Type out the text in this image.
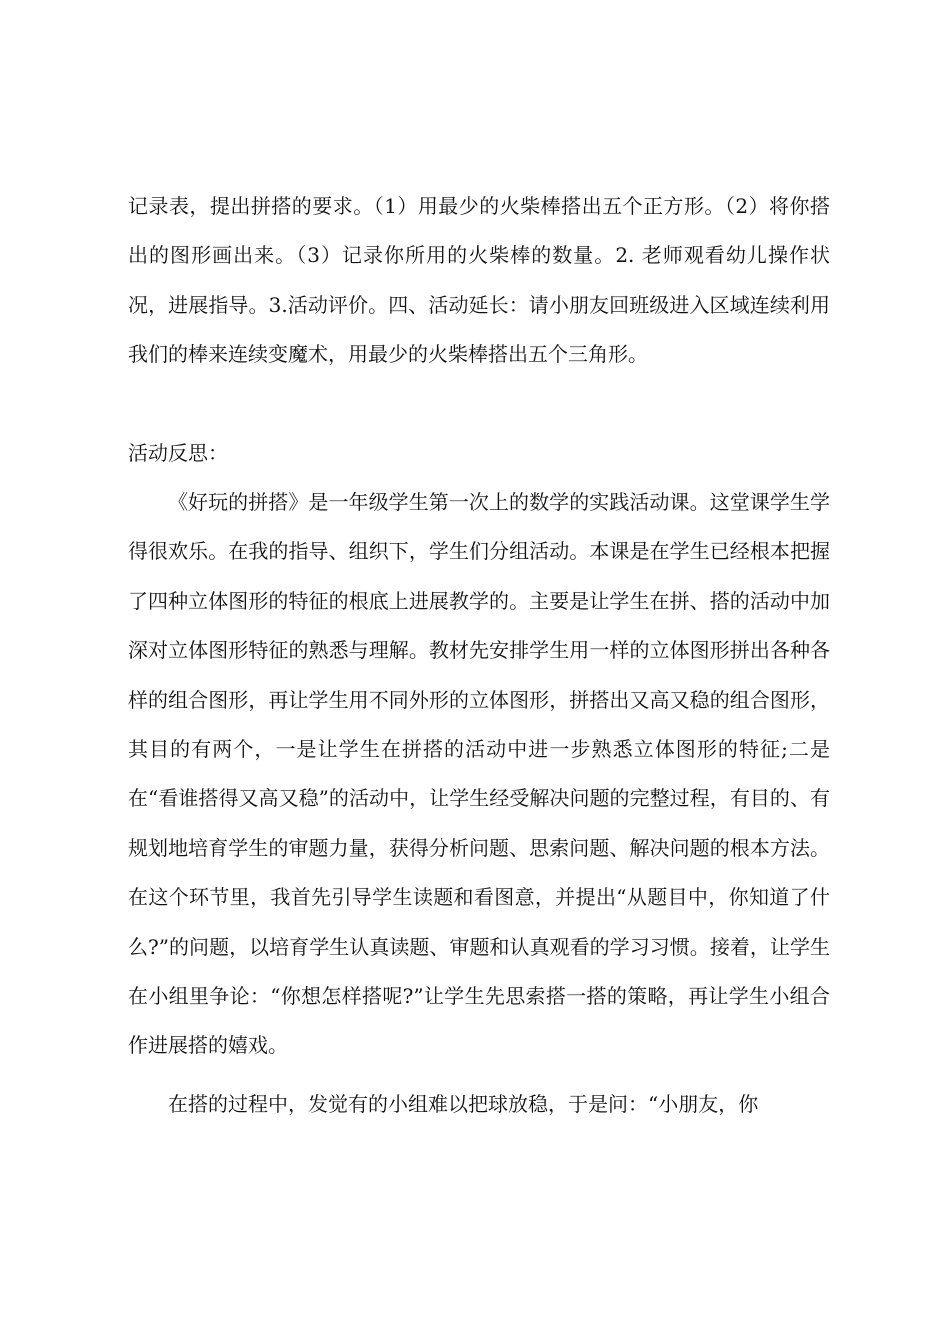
记录表，提出拼搭的要求。（1）用最少的火柴棒搭出五个正方形。（2）将你搭出的图形画出来。（3）记录你所用的火柴棒的数量。2. 老师观看幼儿操作状况，进展指导。3.活动评价。四、活动延长：请小朋友回班级进入区域连续利用我们的棒来连续变魔术，用最少的火柴棒搭出五个三角形。

活动反思：

《好玩的拼搭》是一年级学生第一次上的数学的实践活动课。这堂课学生学得很欢乐。在我的指导、组织下，学生们分组活动。本课是在学生已经根本把握了四种立体图形的特征的根底上进展教学的。主要是让学生在拼、搭的活动中加深对立体图形特征的熟悉与理解。教材先安排学生用一样的立体图形拼出各种各样的组合图形，再让学生用不同外形的立体图形，拼搭出又高又稳的组合图形，其目的有两个，一是让学生在拼搭的活动中进一步熟悉立体图形的特征;二是在“看谁搭得又高又稳”的活动中，让学生经受解决问题的完整过程，有目的、有规划地培育学生的审题力量，获得分析问题、思索问题、解决问题的根本方法。在这个环节里，我首先引导学生读题和看图意，并提出“从题目中，你知道了什么?”的问题，以培育学生认真读题、审题和认真观看的学习习惯。接着，让学生在小组里争论：“你想怎样搭呢?”让学生先思索搭一搭的策略，再让学生小组合作进展搭的嬉戏。

在搭的过程中，发觉有的小组难以把球放稳，于是问：“小朋友，你
